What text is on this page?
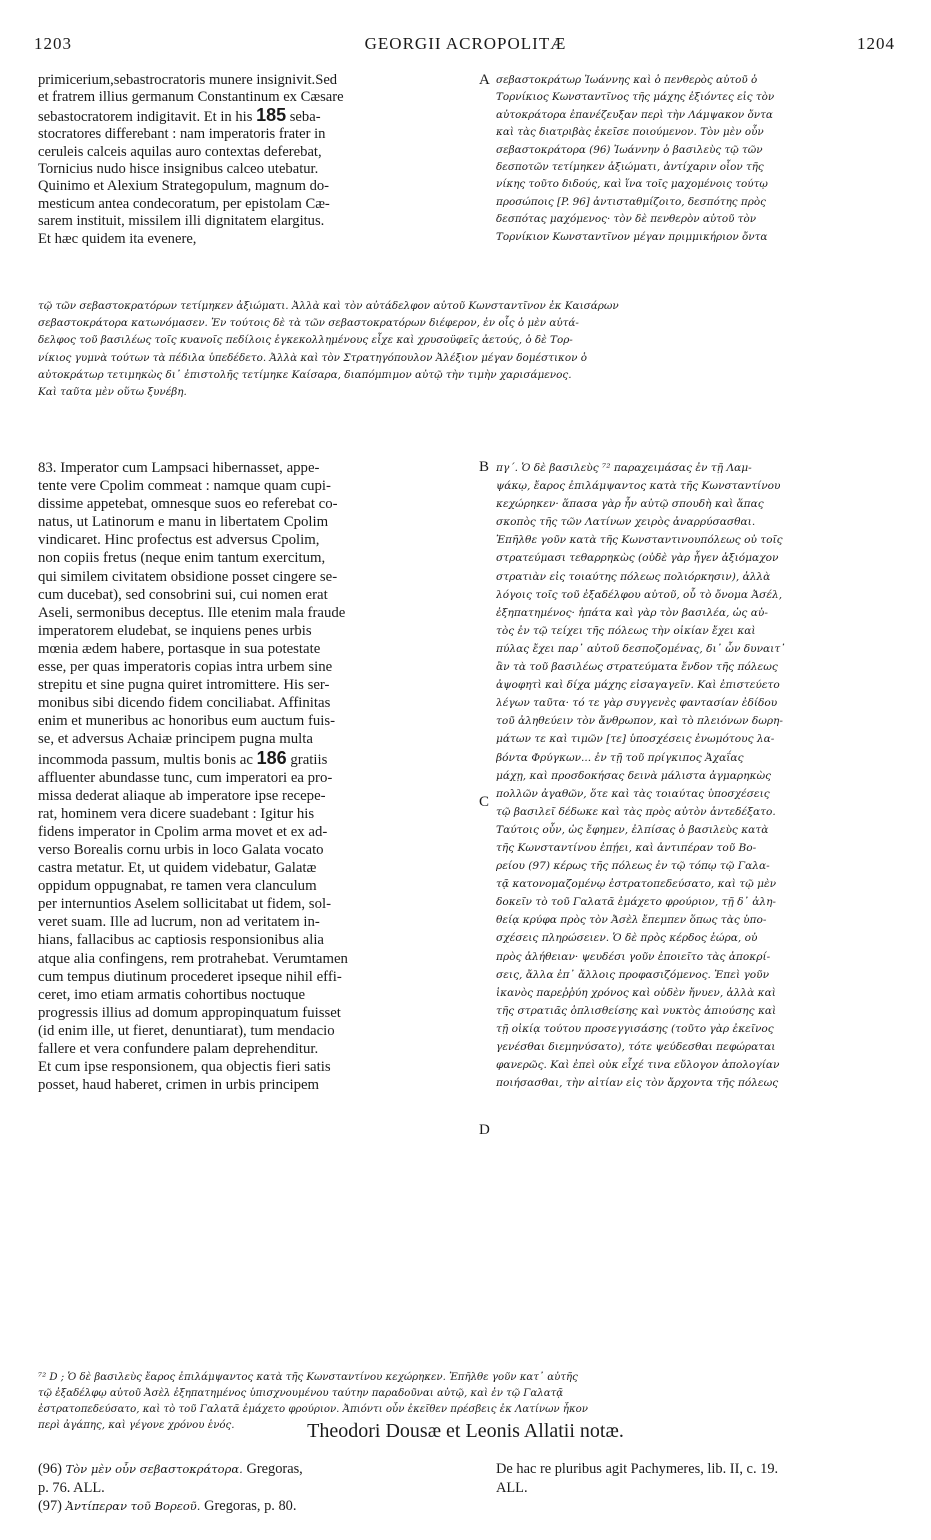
1203	GEORGII ACROPOLITÆ	1204
primicerium,sebastrocratoris munere insignivit.Sed
et fratrem illius germanum Constantinum ex Cæsare
sebastocratorem indigitavit. Et in his 185 seba-
stocratores differebant : nam imperatoris frater in
ceruleis calceis aquilas auro contextas deferebat,
Tornicius nudo hisce insignibus calceo utebatur.
Quinimo et Alexium Strategopulum, magnum do-
mesticum antea condecoratum, per epistolam Cæ-
sarem instituit, missilem illi dignitatem elargitus.
Et hæc quidem ita evenere,
A σεβαστοκράτωρ Ἰωάννης καὶ ὁ πενθερὸς αὐτοῦ ὁ
Τορνίκιος Κωνσταντῖνος τῆς μάχης ἐξιόντες εἰς τὸν
αὐτοκράτορα ἐπανέζευξαν περὶ τὴν Λάμψακον ὄντα
καὶ τὰς διατριβὰς ἐκεῖσε ποιούμενον. Τὸν μὲν οὖν
σεβαστοκράτορα (96) Ἰωάννην ὁ βασιλεὺς τῷ τῶν
δεσποτῶν τετίμηκεν ἀξιώματι, ἀντίχαριν οἷον τῆς
νίκης τοῦτο διδούς, καὶ ἵνα τοῖς μαχομένοις τούτῳ
προσώποις [P. 96] ἀντισταθμίζοιτο, δεσπότης πρὸς
δεσπότας μαχόμενος· τὸν δὲ πενθερὸν αὐτοῦ τὸν
Τορνίκιον Κωνσταντῖνον μέγαν πριμμικήριον ὄντα
τῷ τῶν σεβαστοκρατόρων τετίμηκεν ἀξιώματι. Ἀλλὰ καὶ τὸν αὐτάδελφον αὐτοῦ Κωνσταντῖνον ἐκ Καισάρων
σεβαστοκράτορα κατωνόμασεν. Ἐν τούτοις δὲ τὰ τῶν σεβαστοκρατόρων διέφερον, ἐν οἷς ὁ μὲν αὐτά-
δελφος τοῦ βασιλέως τοῖς κυανοῖς πεδίλοις ἐγκεκολλημένους εἶχε καὶ χρυσοϋφεῖς ἀετούς, ὁ δὲ Τορ-
νίκιος γυμνὰ τούτων τὰ πέδιλα ὑπεδέδετο. Ἀλλὰ καὶ τὸν Στρατηγόπουλον Ἀλέξιον μέγαν δομέστικον ὁ
αὐτοκράτωρ τετιμηκὼς δι᾽ ἐπιστολῆς τετίμηκε Καίσαρα, διαπόμπιμον αὐτῷ τὴν τιμὴν χαρισάμενος.
Καὶ ταῦτα μὲν οὕτω ξυνέβη.
83. Imperator cum Lampsaci hibernasset, appe-
tente vere Cpolim commeat : namque quam cupi-
dissime appetebat, omnesque suos eo referebat co-
natus, ut Latinorum e manu in libertatem Cpolim
vindicaret. Hinc profectus est adversus Cpolim,
non copiis fretus (neque enim tantum exercitum,
qui similem civitatem obsidione posset cingere se-
cum ducebat), sed consobrini sui, cui nomen erat
Aseli, sermonibus deceptus. Ille etenim mala fraude
imperatorem eludebat, se inquiens penes urbis
mœnia ædem habere, portasque in sua potestate
esse, per quas imperatoris copias intra urbem sine
strepitu et sine pugna quiret intromittere. His ser-
monibus sibi dicendo fidem conciliabat. Affinitas
enim et muneribus ac honoribus eum auctum fuis-
se, et adversus Achaiæ principem pugna multa
incommoda passum, multis bonis ac 186 gratiis
affluenter abundasse tunc, cum imperatori ea pro-
missa dederat aliaque ab imperatore ipse recepe-
rat, hominem vera dicere suadebant : Igitur his
fidens imperator in Cpolim arma movet et ex ad-
verso Borealis cornu urbis in loco Galata vocato
castra metatur. Et, ut quidem videbatur, Galatæ
oppidum oppugnabat, re tamen vera clanculum
per internuntios Aselem sollicitabat ut fidem, sol-
veret suam. Ille ad lucrum, non ad veritatem in-
hians, fallacibus ac captiosis responsionibus alia
atque alia confingens, rem protrahebat. Verumtamen
cum tempus diutinum procederet ipseque nihil effi-
ceret, imo etiam armatis cohortibus noctuque
progressis illius ad domum appropinquatum fuisset
(id enim ille, ut fieret, denuntiarat), tum mendacio
fallere et vera confundere palam deprehenditur.
Et cum ipse responsionem, qua objectis fieri satis
posset, haud haberet, crimen in urbis principem
B
C
D
πγ´. Ὁ δὲ βασιλεὺς ⁷² παραχειμάσας ἐν τῇ Λαμ-
ψάκῳ, ἔαρος ἐπιλάμψαντος κατὰ τῆς Κωνσταντίνου
κεχώρηκεν· ἅπασα γὰρ ἦν αὐτῷ σπουδὴ καὶ ἅπας
σκοπὸς τῆς τῶν Λατίνων χειρὸς ἀναρρύσασθαι.
Ἐπῆλθε γοῦν κατὰ τῆς Κωνσταντινουπόλεως οὐ τοῖς
στρατεύμασι τεθαρρηκὼς (οὐδὲ γὰρ ἦγεν ἀξιόμαχον
στρατιὰν εἰς τοιαύτης πόλεως πολιόρκησιν), ἀλλὰ
λόγοις τοῖς τοῦ ἐξαδέλφου αὐτοῦ, οὗ τὸ ὄνομα Ἀσέλ,
ἐξηπατημένος· ἠπάτα καὶ γὰρ τὸν βασιλέα, ὡς αὐ-
τὸς ἐν τῷ τείχει τῆς πόλεως τὴν οἰκίαν ἔχει καὶ
πύλας ἔχει παρ᾽ αὐτοῦ δεσποζομένας, δι᾽ ὧν δυναιτ᾽
ἂν τὰ τοῦ βασιλέως στρατεύματα ἔνδον τῆς πόλεως
ἀψοφητὶ καὶ δίχα μάχης εἰσαγαγεῖν. Καὶ ἐπιστεύετο
λέγων ταῦτα· τό τε γὰρ συγγενὲς φαντασίαν ἐδίδου
τοῦ ἀληθεύειν τὸν ἄνθρωπον, καὶ τὸ πλειόνων δωρη-
μάτων τε καὶ τιμῶν [τε] ὑποσχέσεις ἐνωμότους λα-
βόντα Φρύγκων... ἐν τῇ τοῦ πρίγκιπος Ἀχαΐας
μάχῃ, καὶ προσδοκήσας δεινὰ μάλιστα ἀγμαρηκὼς
πολλῶν ἀγαθῶν, ὅτε καὶ τὰς τοιαύτας ὑποσχέσεις
τῷ βασιλεῖ δέδωκε καὶ τὰς πρὸς αὐτὸν ἀντεδέξατο.
Ταύτοις οὖν, ὡς ἔφημεν, ἐλπίσας ὁ βασιλεὺς κατὰ
τῆς Κωνσταντίνου ἐπῄει, καὶ ἀντιπέραν τοῦ Βο-
ρείου (97) κέρως τῆς πόλεως ἐν τῷ τόπῳ τῷ Γαλα-
τᾷ κατονομαζομένῳ ἐστρατοπεδεύσατο, καὶ τῷ μὲν
δοκεῖν τὸ τοῦ Γαλατᾶ ἐμάχετο φρούριον, τῇ δ᾽ ἀλη-
θείᾳ κρύφα πρὸς τὸν Ἀσὲλ ἔπεμπεν ὅπως τὰς ὑπο-
σχέσεις πληρώσειεν. Ὁ δὲ πρὸς κέρδος ἑώρα, οὐ
πρὸς ἀλήθειαν· ψευδέσι γοῦν ἐποιεῖτο τὰς ἀποκρί-
σεις, ἄλλα ἐπ᾽ ἄλλοις προφασιζόμενος. Ἐπεὶ γοῦν
ἱκανὸς παρεῤῥύη χρόνος καὶ οὐδὲν ἤνυεν, ἀλλὰ καὶ
τῆς στρατιᾶς ὁπλισθείσης καὶ νυκτὸς ἀπιούσης καὶ
τῇ οἰκίᾳ τούτου προσεγγισάσης (τοῦτο γὰρ ἐκεῖνος
γενέσθαι διεμηνύσατο), τότε ψεύδεσθαι πεφώραται
φανερῶς. Καὶ ἐπεὶ οὐκ εἶχέ τινα εὔλογον ἀπολογίαν
ποιήσασθαι, τὴν αἰτίαν εἰς τὸν ἄρχοντα τῆς πόλεως
⁷² D ; Ὁ δὲ βασιλεὺς ἔαρος ἐπιλάμψαντος κατὰ τῆς Κωνσταντίνου κεχώρηκεν. Ἐπῆλθε γοῦν κατ᾽ αὐτῆς
τῷ ἐξαδέλφῳ αὐτοῦ Ἀσὲλ ἐξηπατημένος ὑπισχνουμένου ταύτην παραδοῦναι αὐτῷ, καὶ ἐν τῷ Γαλατᾷ
ἐστρατοπεδεύσατο, καὶ τὸ τοῦ Γαλατᾶ ἐμάχετο φρούριον. Ἀπιόντι οὖν ἐκεῖθεν πρέσβεις ἐκ Λατίνων ἦκον
περὶ ἀγάπης, καὶ γέγονε χρόνου ἑνός.	Theodori Dousæ et Leonis Allatii notæ.
(96) Τὸν μὲν οὖν σεβαστοκράτορα. Gregoras,
p. 76. ALL.
(97) Ἀντίπεραν τοῦ Βορεοῦ. Gregoras, p. 80.
De hac re pluribus agit Pachymeres, lib. II, c. 19.
ALL.
